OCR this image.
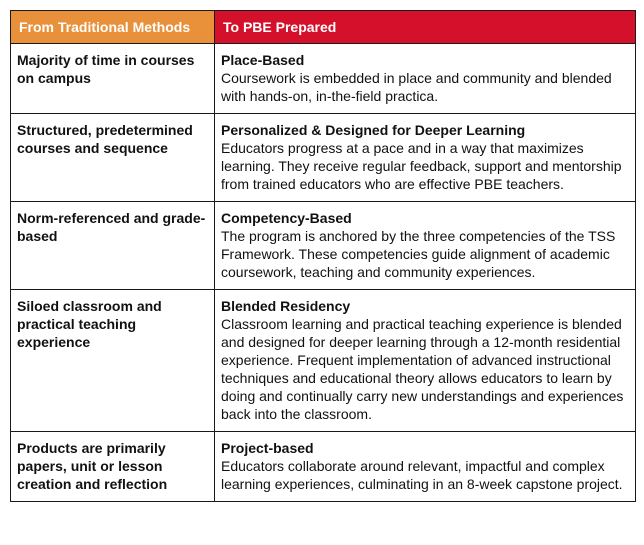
From Traditional Methods	To PBE Prepared
Majority of time in courses on campus	Place-Based
Coursework is embedded in place and community and blended with hands-on, in-the-field practica.

Structured, predetermined courses and sequence	Personalized & Designed for Deeper Learning
Educators progress at a pace and in a way that maximizes learning. They receive regular feedback, support and mentorship from trained educators who are effective PBE teachers.

Norm-referenced and grade-based	Competency-Based
The program is anchored by the three competencies of the TSS Framework. These competencies guide alignment of academic coursework, teaching and community experiences.

Siloed classroom and practical teaching experience	Blended Residency
Classroom learning and practical teaching experience is blended and designed for deeper learning through a 12-month residential experience. Frequent implementation of advanced instructional techniques and educational theory allows educators to learn by doing and continually carry new understandings and experiences back into the classroom.

Products are primarily papers, unit or lesson creation and reflection	Project-based
Educators collaborate around relevant, impactful and complex learning experiences, culminating in an 8-week capstone project.
